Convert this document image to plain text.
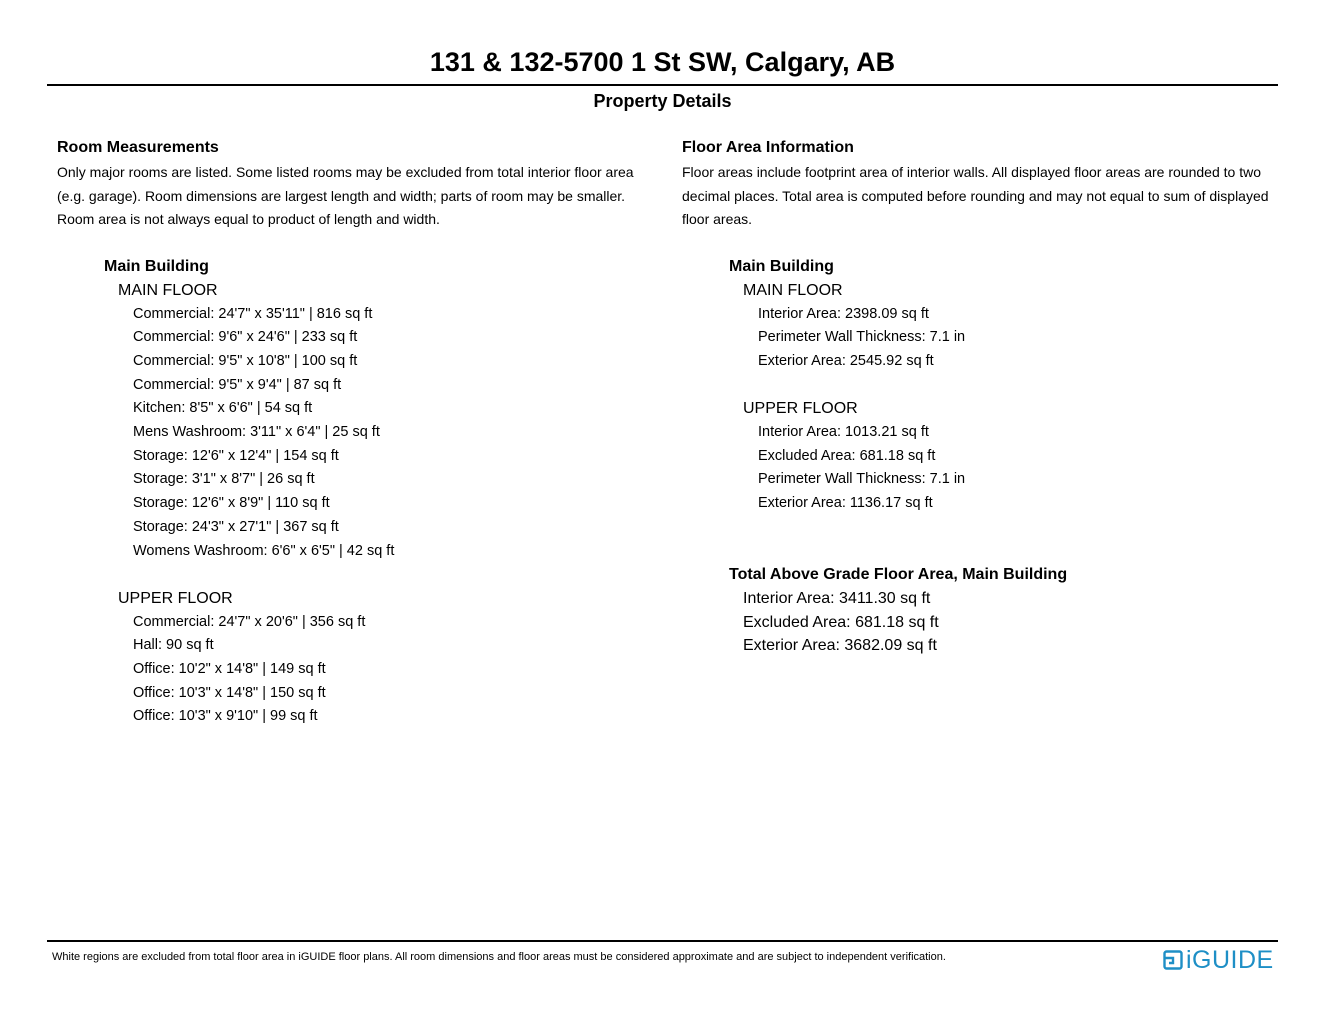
131 & 132-5700 1 St SW, Calgary, AB
Property Details

Room Measurements

Only major rooms are listed. Some listed rooms may be excluded from total interior floor area
(e.g. garage). Room dimensions are largest length and width; parts of room may be smaller.
Room area is not always equal to product of length and width.
Main Building
MAIN FLOOR
Commercial: 24'7" x 35'11" | 816 sq ft
Commercial: 9'6" x 24'6" | 233 sq ft
Commercial: 9'5" x 10'8" | 100 sq ft
Commercial: 9'5" x 9'4" | 87 sq ft
Kitchen: 8'5" x 6'6" | 54 sq ft
Mens Washroom: 3'11" x 6'4" | 25 sq ft
Storage: 12'6" x 12'4" | 154 sq ft
Storage: 3'1" x 8'7" | 26 sq ft
Storage: 12'6" x 8'9" | 110 sq ft
Storage: 24'3" x 27'1" | 367 sq ft
Womens Washroom: 6'6" x 6'5" | 42 sq ft
UPPER FLOOR
Commercial: 24'7" x 20'6" | 356 sq ft
Hall: 90 sq ft
Office: 10'2" x 14'8" | 149 sq ft
Office: 10'3" x 14'8" | 150 sq ft
Office: 10'3" x 9'10" | 99 sq ft

Floor Area Information

Floor areas include footprint area of interior walls. All displayed floor areas are rounded to two
decimal places. Total area is computed before rounding and may not equal to sum of displayed
floor areas.
Main Building
MAIN FLOOR
Interior Area: 2398.09 sq ft
Perimeter Wall Thickness: 7.1 in
Exterior Area: 2545.92 sq ft
UPPER FLOOR
Interior Area: 1013.21 sq ft
Excluded Area: 681.18 sq ft
Perimeter Wall Thickness: 7.1 in
Exterior Area: 1136.17 sq ft
Total Above Grade Floor Area, Main Building
Interior Area: 3411.30 sq ft
Excluded Area: 681.18 sq ft
Exterior Area: 3682.09 sq ft
White regions are excluded from total floor area in iGUIDE floor plans. All room dimensions and floor areas must be considered approximate and are subject to independent verification.	iGUIDE
